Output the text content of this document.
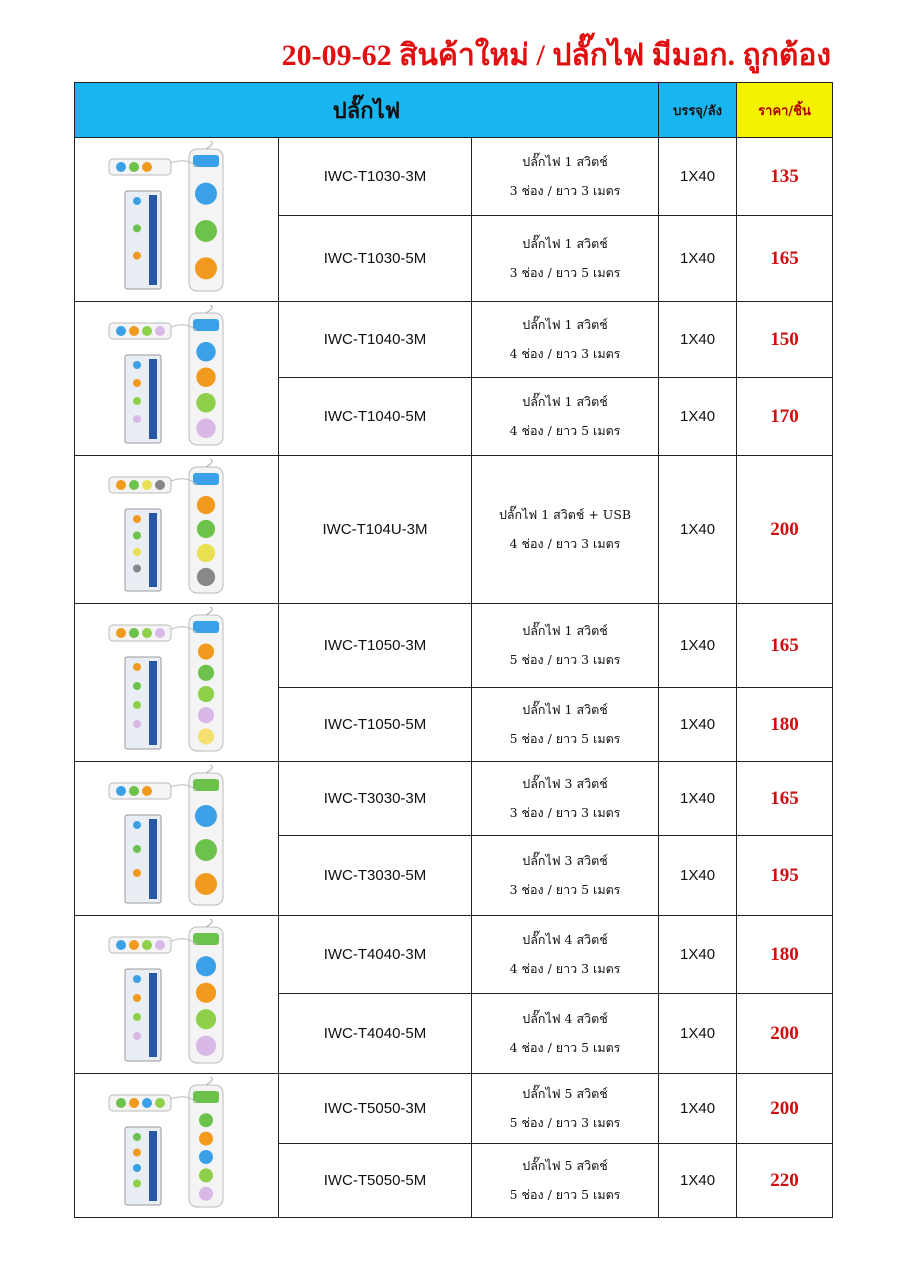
20-09-62 สินค้าใหม่ / ปลั๊กไฟ มีมอก. ถูกต้อง
ปลั๊กไฟ			บรรจุ/ลัง	ราคา/ชิ้น

	IWC-T1030-3M	ปลั๊กไฟ 1 สวิตช์
3 ช่อง / ยาว 3 เมตร	1X40	135
	IWC-T1030-5M	ปลั๊กไฟ 1 สวิตช์
3 ช่อง / ยาว 5 เมตร	1X40	165

	IWC-T1040-3M	ปลั๊กไฟ 1 สวิตช์
4 ช่อง / ยาว 3 เมตร	1X40	150
	IWC-T1040-5M	ปลั๊กไฟ 1 สวิตช์
4 ช่อง / ยาว 5 เมตร	1X40	170

	IWC-T104U-3M	ปลั๊กไฟ 1 สวิตช์ + USB
4 ช่อง / ยาว 3 เมตร	1X40	200

	IWC-T1050-3M	ปลั๊กไฟ 1 สวิตช์
5 ช่อง / ยาว 3 เมตร	1X40	165
	IWC-T1050-5M	ปลั๊กไฟ 1 สวิตช์
5 ช่อง / ยาว 5 เมตร	1X40	180

	IWC-T3030-3M	ปลั๊กไฟ 3 สวิตช์
3 ช่อง / ยาว 3 เมตร	1X40	165
	IWC-T3030-5M	ปลั๊กไฟ 3 สวิตช์
3 ช่อง / ยาว 5 เมตร	1X40	195

	IWC-T4040-3M	ปลั๊กไฟ 4 สวิตช์
4 ช่อง / ยาว 3 เมตร	1X40	180
	IWC-T4040-5M	ปลั๊กไฟ 4 สวิตช์
4 ช่อง / ยาว 5 เมตร	1X40	200

	IWC-T5050-3M	ปลั๊กไฟ 5 สวิตช์
5 ช่อง / ยาว 3 เมตร	1X40	200
	IWC-T5050-5M	ปลั๊กไฟ 5 สวิตช์
5 ช่อง / ยาว 5 เมตร	1X40	220
